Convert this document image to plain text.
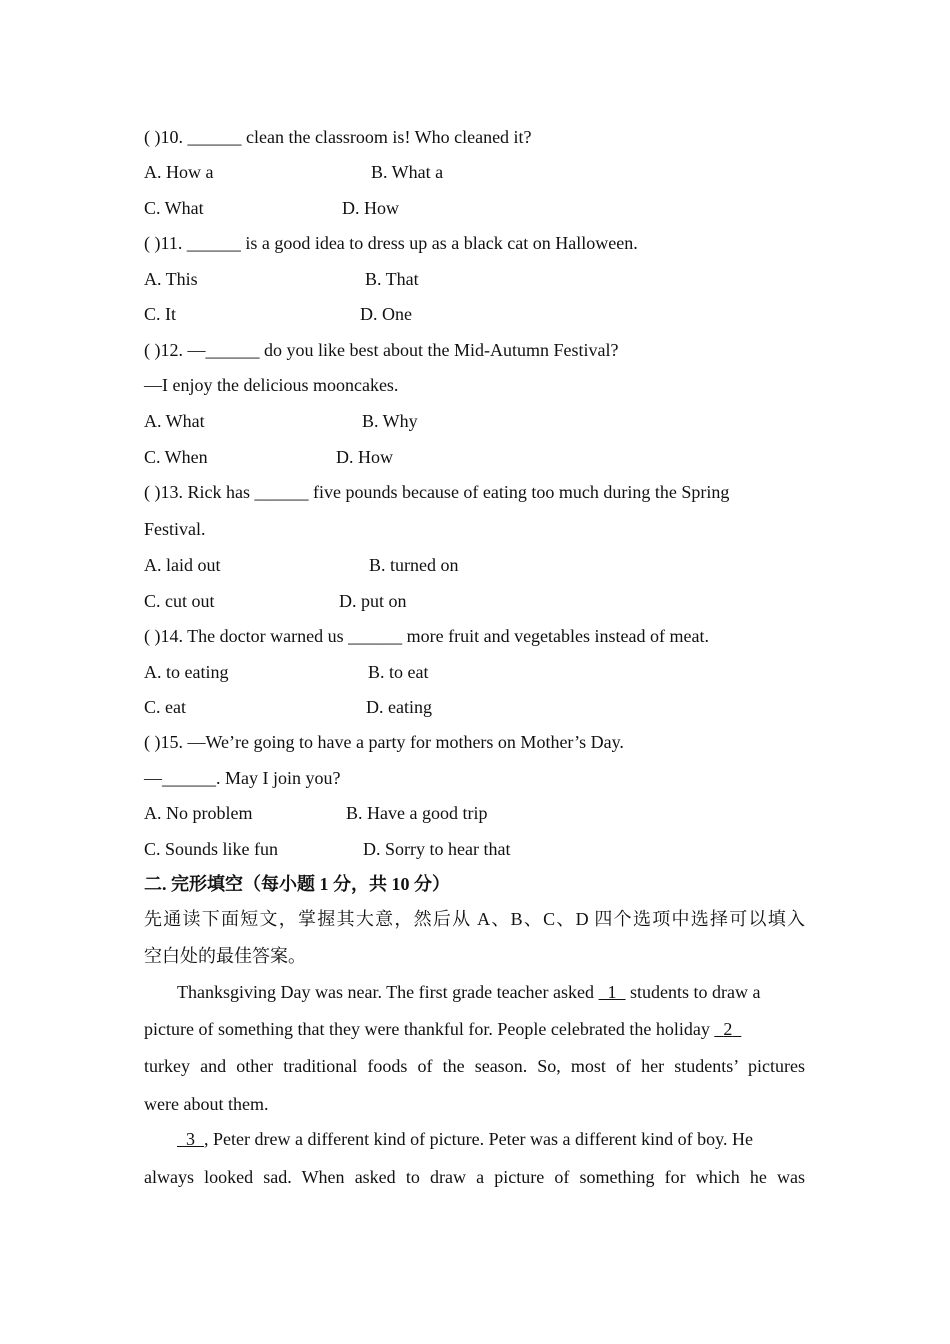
( )10. ______ clean the classroom is! Who cleaned it?
A. How a	B. What a
C. What	D. How
( )11. ______ is a good idea to dress up as a black cat on Halloween.
A. This	B. That
C. It	D. One
( )12. —______ do you like best about the Mid-Autumn Festival?
—I enjoy the delicious mooncakes.
A. What	B. Why
C. When	D. How
( )13. Rick has ______ five pounds because of eating too much during the Spring
Festival.
A. laid out	B. turned on
C. cut out	D. put on
( )14. The doctor warned us ______ more fruit and vegetables instead of meat.
A. to eating	B. to eat
C. eat	D. eating
( )15. —We’re going to have a party for mothers on Mother’s Day.
—______. May I join you?
A. No problem	B. Have a good trip
C. Sounds like fun	D. Sorry to hear that
二. 完形填空（每小题 1 分，共 10 分）
先通读下面短文，掌握其大意，然后从 A、B、C、D 四个选项中选择可以填入
空白处的最佳答案。
Thanksgiving Day was near. The first grade teacher asked 1 students to draw a
picture of something that they were thankful for. People celebrated the holiday 2
turkey and other traditional foods of the season. So, most of her students’ pictures
were about them.
3 , Peter drew a different kind of picture. Peter was a different kind of boy. He
always looked sad. When asked to draw a picture of something for which he was
